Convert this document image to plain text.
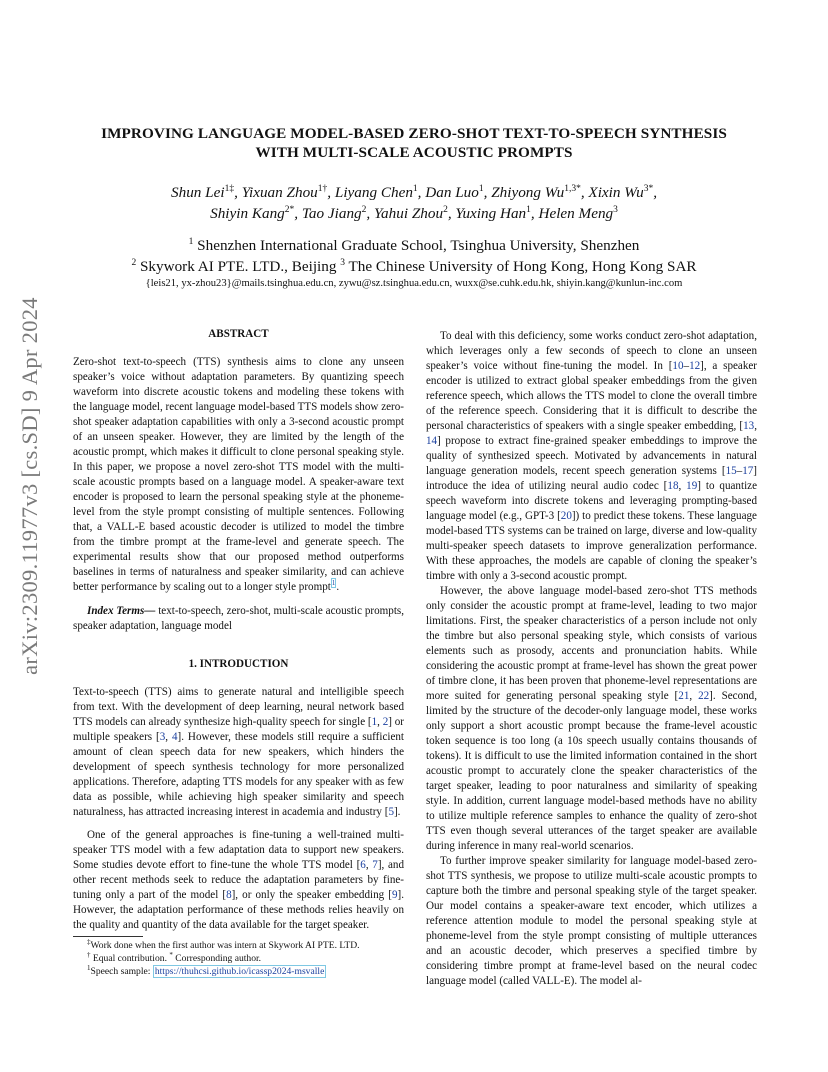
arXiv:2309.11977v3 [cs.SD] 9 Apr 2024
IMPROVING LANGUAGE MODEL-BASED ZERO-SHOT TEXT-TO-SPEECH SYNTHESIS
WITH MULTI-SCALE ACOUSTIC PROMPTS
Shun Lei$^{1\ddagger}$, Yixuan Zhou$^{1\dagger}$, Liyang Chen$^1$, Dan Luo$^1$, Zhiyong $Wu^{1,3*}$, Xixin $Wu^{3*}$,
Shiyin Kang$^{2*}$, Tao Jiang$^2$, Yahui Zhou$^2$, Yuxing Han$^1$, Helen Meng$^3$
$^1$ Shenzhen International Graduate School, Tsinghua University, Shenzhen
$^2$ Skywork AI PTE. LTD., Beijing $^3$ The Chinese University of Hong Kong, Hong Kong SAR
{leis21, yx-zhou23}@mails.tsinghua.edu.cn, zywu@sz.tsinghua.edu.cn, wuxx@se.cuhk.edu.hk, shiyin.kang@kunlun-inc.com
ABSTRACT

Zero-shot text-to-speech (TTS) synthesis aims to clone any unseen speaker’s voice without adaptation parameters. By quantizing speech waveform into discrete acoustic tokens and modeling these tokens with the language model, recent language model-based TTS models show zero-shot speaker adaptation capabilities with only a 3-second acoustic prompt of an unseen speaker. However, they are limited by the length of the acoustic prompt, which makes it difficult to clone personal speaking style. In this paper, we propose a novel zero-shot TTS model with the multi-scale acoustic prompts based on a language model. A speaker-aware text encoder is proposed to learn the personal speaking style at the phoneme-level from the style prompt consisting of multiple sentences. Following that, a VALL-E based acoustic decoder is utilized to model the timbre from the timbre prompt at the frame-level and generate speech. The experimental results show that our proposed method outperforms baselines in terms of naturalness and speaker similarity, and can achieve better performance by scaling out to a longer style prompt$^1$.

Index Terms— text-to-speech, zero-shot, multi-scale acoustic prompts, speaker adaptation, language model

1. INTRODUCTION

Text-to-speech (TTS) aims to generate natural and intelligible speech from text. With the development of deep learning, neural network based TTS models can already synthesize high-quality speech for single [1, 2] or multiple speakers [3, 4]. However, these models still require a sufficient amount of clean speech data for new speakers, which hinders the development of speech synthesis technology for more personalized applications. Therefore, adapting TTS models for any speaker with as few data as possible, while achieving high speaker similarity and speech naturalness, has attracted increasing interest in academia and industry [5].

One of the general approaches is fine-tuning a well-trained multi-speaker TTS model with a few adaptation data to support new speakers. Some studies devote effort to fine-tune the whole TTS model [6, 7], and other recent methods seek to reduce the adaptation parameters by fine-tuning only a part of the model [8], or only the speaker embedding [9]. However, the adaptation performance of these methods relies heavily on the quality and quantity of the data available for the target speaker.

To deal with this deficiency, some works conduct zero-shot adaptation, which leverages only a few seconds of speech to clone an unseen speaker’s voice without fine-tuning the model. In [10–12], a speaker encoder is utilized to extract global speaker embeddings from the given reference speech, which allows the TTS model to clone the overall timbre of the reference speech. Considering that it is difficult to describe the personal characteristics of speakers with a single speaker embedding, [13, 14] propose to extract fine-grained speaker embeddings to improve the quality of synthesized speech. Motivated by advancements in natural language generation models, recent speech generation systems [15–17] introduce the idea of utilizing neural audio codec [18, 19] to quantize speech waveform into discrete tokens and leveraging prompting-based language model (e.g., GPT-3 [20]) to predict these tokens. These language model-based TTS systems can be trained on large, diverse and low-quality multi-speaker speech datasets to improve generalization performance. With these approaches, the models are capable of cloning the speaker’s timbre with only a 3-second acoustic prompt.

However, the above language model-based zero-shot TTS methods only consider the acoustic prompt at frame-level, leading to two major limitations. First, the speaker characteristics of a person include not only the timbre but also personal speaking style, which consists of various elements such as prosody, accents and pronunciation habits. While considering the acoustic prompt at frame-level has shown the great power of timbre clone, it has been proven that phoneme-level representations are more suited for generating personal speaking style [21, 22]. Second, limited by the structure of the decoder-only language model, these works only support a short acoustic prompt because the frame-level acoustic token sequence is too long (a 10s speech usually contains thousands of tokens). It is difficult to use the limited information contained in the short acoustic prompt to accurately clone the speaker characteristics of the target speaker, leading to poor naturalness and similarity of speaking style. In addition, current language model-based methods have no ability to utilize multiple reference samples to enhance the quality of zero-shot TTS even though several utterances of the target speaker are available during inference in many real-world scenarios.

To further improve speaker similarity for language model-based zero-shot TTS synthesis, we propose to utilize multi-scale acoustic prompts to capture both the timbre and personal speaking style of the target speaker. Our model contains a speaker-aware text encoder, which utilizes a reference attention module to model the personal speaking style at phoneme-level from the style prompt consisting of multiple utterances and an acoustic decoder, which preserves a specified timbre by considering timbre prompt at frame-level based on the neural codec language model (called VALL-E). The model al-

‡Work done when the first author was intern at Skywork AI PTE. LTD.
† Equal contribution. * Corresponding author.
$^1$Speech sample: https://thuhcsi.github.io/icassp2024-msvalle
